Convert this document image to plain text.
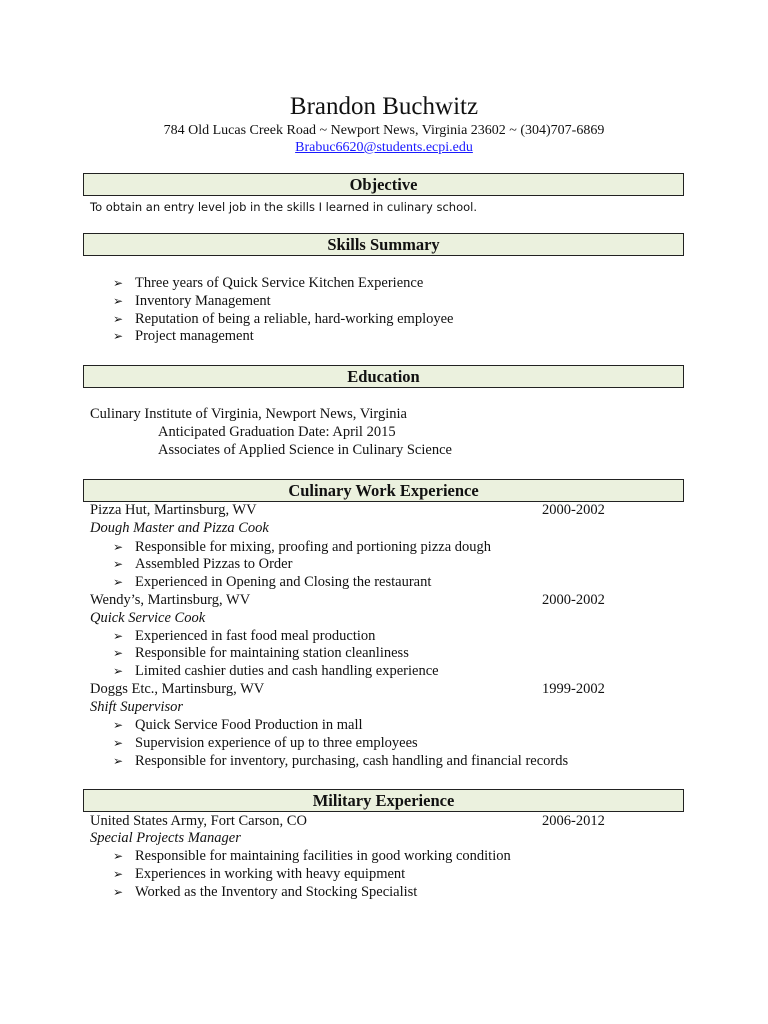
Brandon Buchwitz
784 Old Lucas Creek Road ~ Newport News, Virginia 23602 ~ (304)707-6869
Brabuc6620@students.ecpi.edu
Objective
To obtain an entry level job in the skills I learned in culinary school.
Skills Summary
➢ Three years of Quick Service Kitchen Experience
➢ Inventory Management
➢ Reputation of being a reliable, hard-working employee
➢ Project management
Education
Culinary Institute of Virginia, Newport News, Virginia
Anticipated Graduation Date: April 2015
Associates of Applied Science in Culinary Science
Culinary Work Experience
Pizza Hut, Martinsburg, WV	2000-2002
Dough Master and Pizza Cook
➢ Responsible for mixing, proofing and portioning pizza dough
➢ Assembled Pizzas to Order
➢ Experienced in Opening and Closing the restaurant
Wendy’s, Martinsburg, WV	2000-2002
Quick Service Cook
➢ Experienced in fast food meal production
➢ Responsible for maintaining station cleanliness
➢ Limited cashier duties and cash handling experience
Doggs Etc., Martinsburg, WV	1999-2002
Shift Supervisor
➢ Quick Service Food Production in mall
➢ Supervision experience of up to three employees
➢ Responsible for inventory, purchasing, cash handling and financial records
Military Experience
United States Army, Fort Carson, CO	2006-2012
Special Projects Manager
➢ Responsible for maintaining facilities in good working condition
➢ Experiences in working with heavy equipment
➢ Worked as the Inventory and Stocking Specialist
